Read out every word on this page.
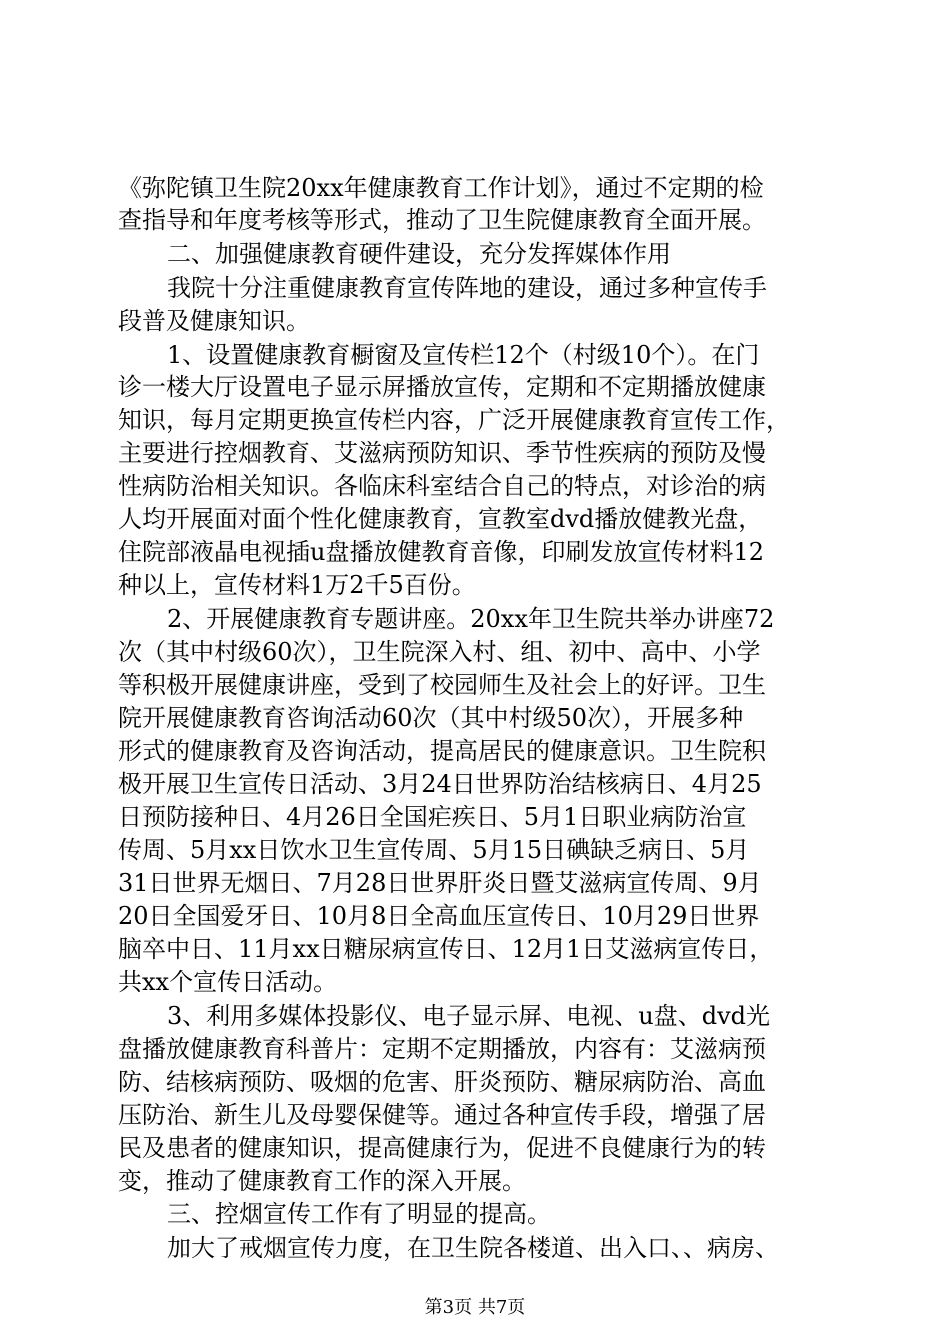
《弥陀镇卫生院20xx年健康教育工作计划》，通过不定期的检

查指导和年度考核等形式，推动了卫生院健康教育全面开展。

二、加强健康教育硬件建设，充分发挥媒体作用

我院十分注重健康教育宣传阵地的建设，通过多种宣传手

段普及健康知识。

1、设置健康教育橱窗及宣传栏12个（村级10个）。在门

诊一楼大厅设置电子显示屏播放宣传，定期和不定期播放健康

知识，每月定期更换宣传栏内容，广泛开展健康教育宣传工作，

主要进行控烟教育、艾滋病预防知识、季节性疾病的预防及慢

性病防治相关知识。各临床科室结合自己的特点，对诊治的病

人均开展面对面个性化健康教育，宣教室dvd播放健教光盘，

住院部液晶电视插u盘播放健教育音像，印刷发放宣传材料12

种以上，宣传材料1万2千5百份。

2、开展健康教育专题讲座。20xx年卫生院共举办讲座72

次（其中村级60次），卫生院深入村、组、初中、高中、小学

等积极开展健康讲座，受到了校园师生及社会上的好评。卫生

院开展健康教育咨询活动60次（其中村级50次），开展多种

形式的健康教育及咨询活动，提高居民的健康意识。卫生院积

极开展卫生宣传日活动、3月24日世界防治结核病日、4月25

日预防接种日、4月26日全国疟疾日、5月1日职业病防治宣

传周、5月xx日饮水卫生宣传周、5月15日碘缺乏病日、5月

31日世界无烟日、7月28日世界肝炎日暨艾滋病宣传周、9月

20日全国爱牙日、10月8日全高血压宣传日、10月29日世界

脑卒中日、11月xx日糖尿病宣传日、12月1日艾滋病宣传日，

共xx个宣传日活动。

3、利用多媒体投影仪、电子显示屏、电视、u盘、dvd光

盘播放健康教育科普片：定期不定期播放，内容有：艾滋病预

防、结核病预防、吸烟的危害、肝炎预防、糖尿病防治、高血

压防治、新生儿及母婴保健等。通过各种宣传手段，增强了居

民及患者的健康知识，提高健康行为，促进不良健康行为的转

变，推动了健康教育工作的深入开展。

三、控烟宣传工作有了明显的提高。

加大了戒烟宣传力度，在卫生院各楼道、出入口、、病房、

第3页 共7页
